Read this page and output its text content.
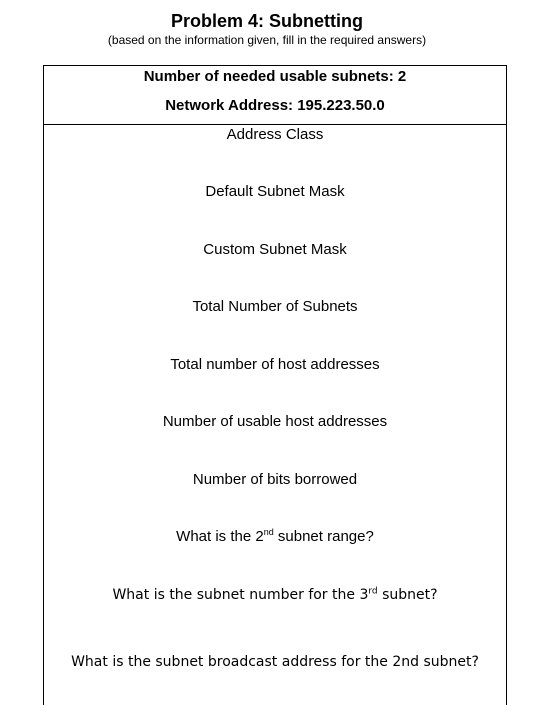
Problem 4: Subnetting
(based on the information given, fill in the required answers)
Number of needed usable subnets: 2
Network Address: 195.223.50.0
Address Class
Default Subnet Mask
Custom Subnet Mask
Total Number of Subnets
Total number of host addresses
Number of usable host addresses
Number of bits borrowed
What is the 2nd subnet range?
What is the subnet number for the 3rd subnet?
What is the subnet broadcast address for the 2nd subnet?
